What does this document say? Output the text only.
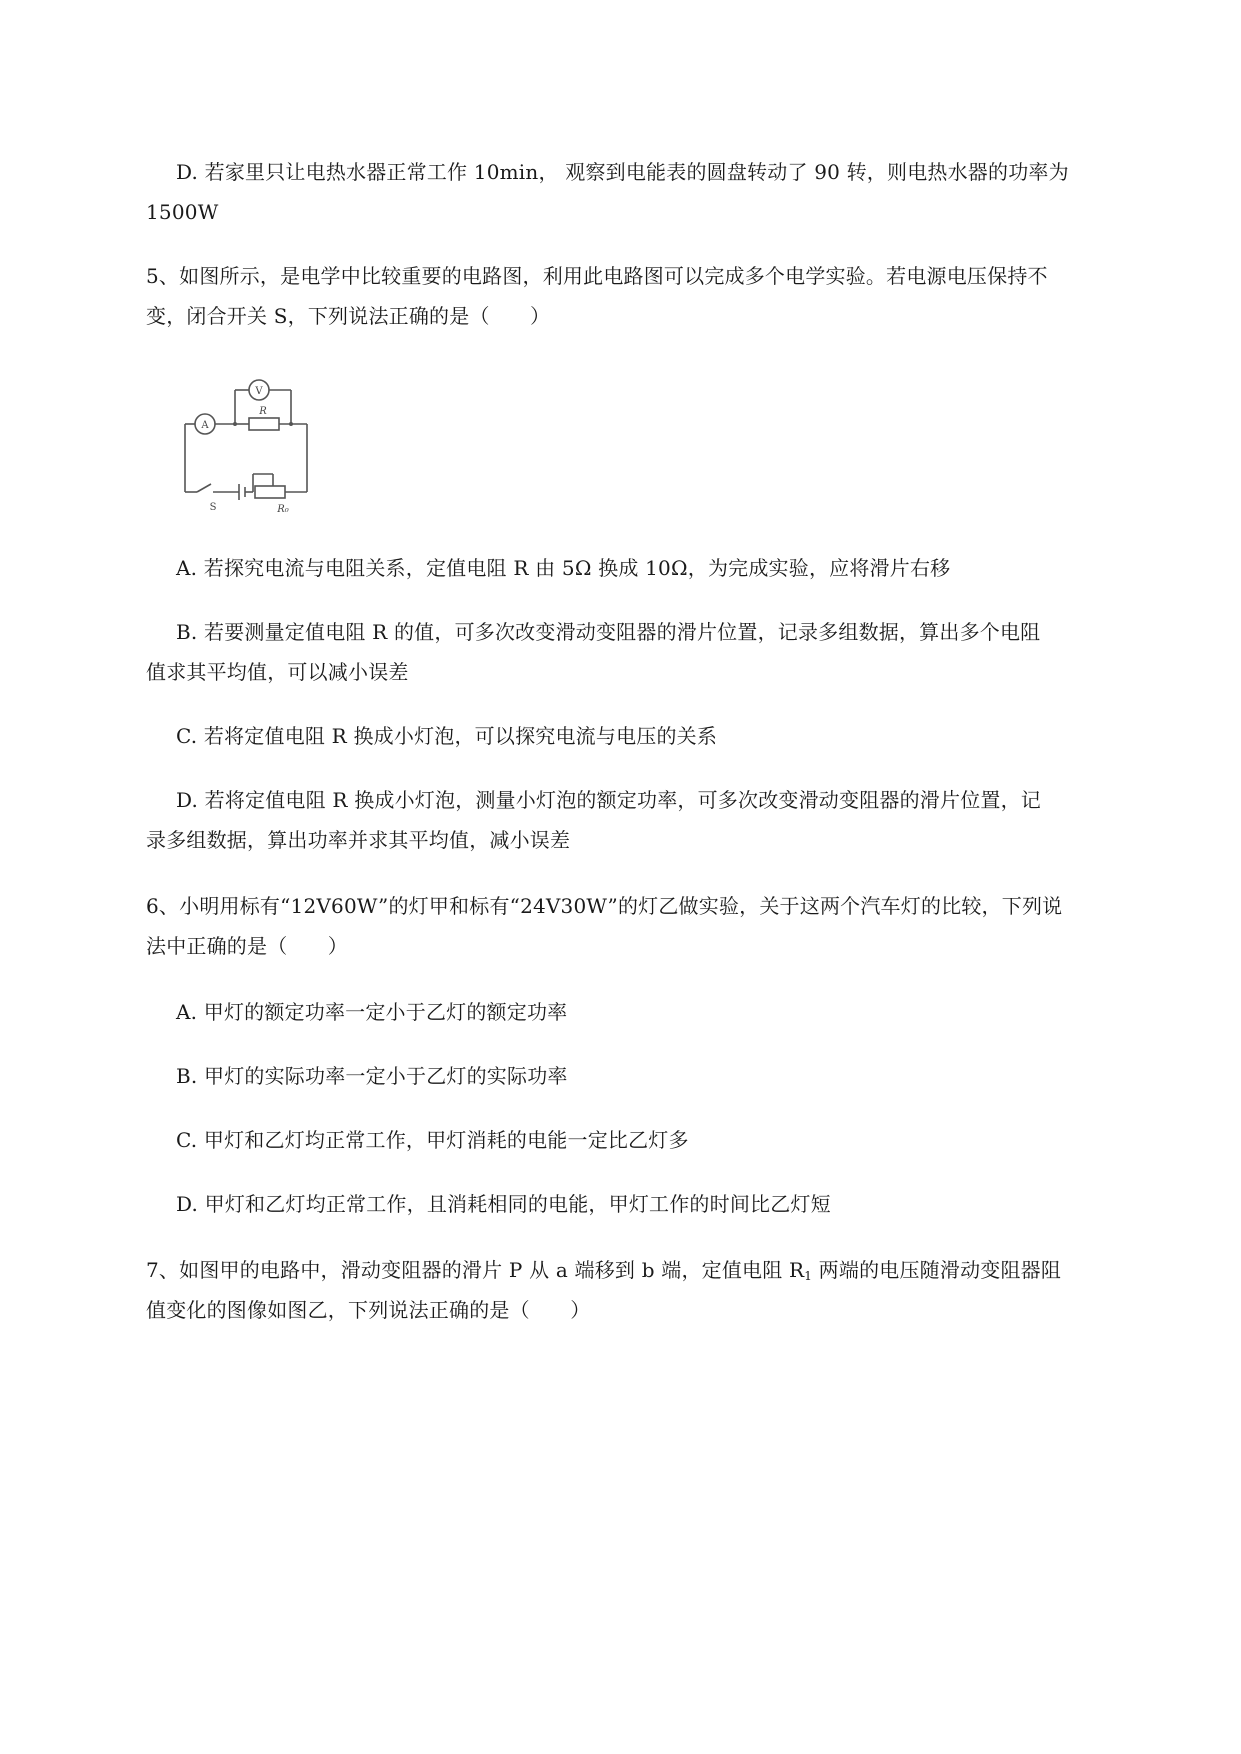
D. 若家里只让电热水器正常工作 10min， 观察到电能表的圆盘转动了 90 转，则电热水器的功率为
1500W
5、如图所示，是电学中比较重要的电路图，利用此电路图可以完成多个电学实验。若电源电压保持不
变，闭合开关 S，下列说法正确的是（　　）
V
A
R
S	R₀
A. 若探究电流与电阻关系，定值电阻 R 由 5Ω 换成 10Ω，为完成实验，应将滑片右移
B. 若要测量定值电阻 R 的值，可多次改变滑动变阻器的滑片位置，记录多组数据，算出多个电阻
值求其平均值，可以减小误差
C. 若将定值电阻 R 换成小灯泡，可以探究电流与电压的关系
D. 若将定值电阻 R 换成小灯泡，测量小灯泡的额定功率，可多次改变滑动变阻器的滑片位置，记
录多组数据，算出功率并求其平均值，减小误差
6、小明用标有“12V60W”的灯甲和标有“24V30W”的灯乙做实验，关于这两个汽车灯的比较，下列说
法中正确的是（　　）
A. 甲灯的额定功率一定小于乙灯的额定功率
B. 甲灯的实际功率一定小于乙灯的实际功率
C. 甲灯和乙灯均正常工作，甲灯消耗的电能一定比乙灯多
D. 甲灯和乙灯均正常工作，且消耗相同的电能，甲灯工作的时间比乙灯短
7、如图甲的电路中，滑动变阻器的滑片 P 从 a 端移到 b 端，定值电阻 $R_1$ 两端的电压随滑动变阻器阻
值变化的图像如图乙，下列说法正确的是（　　）
